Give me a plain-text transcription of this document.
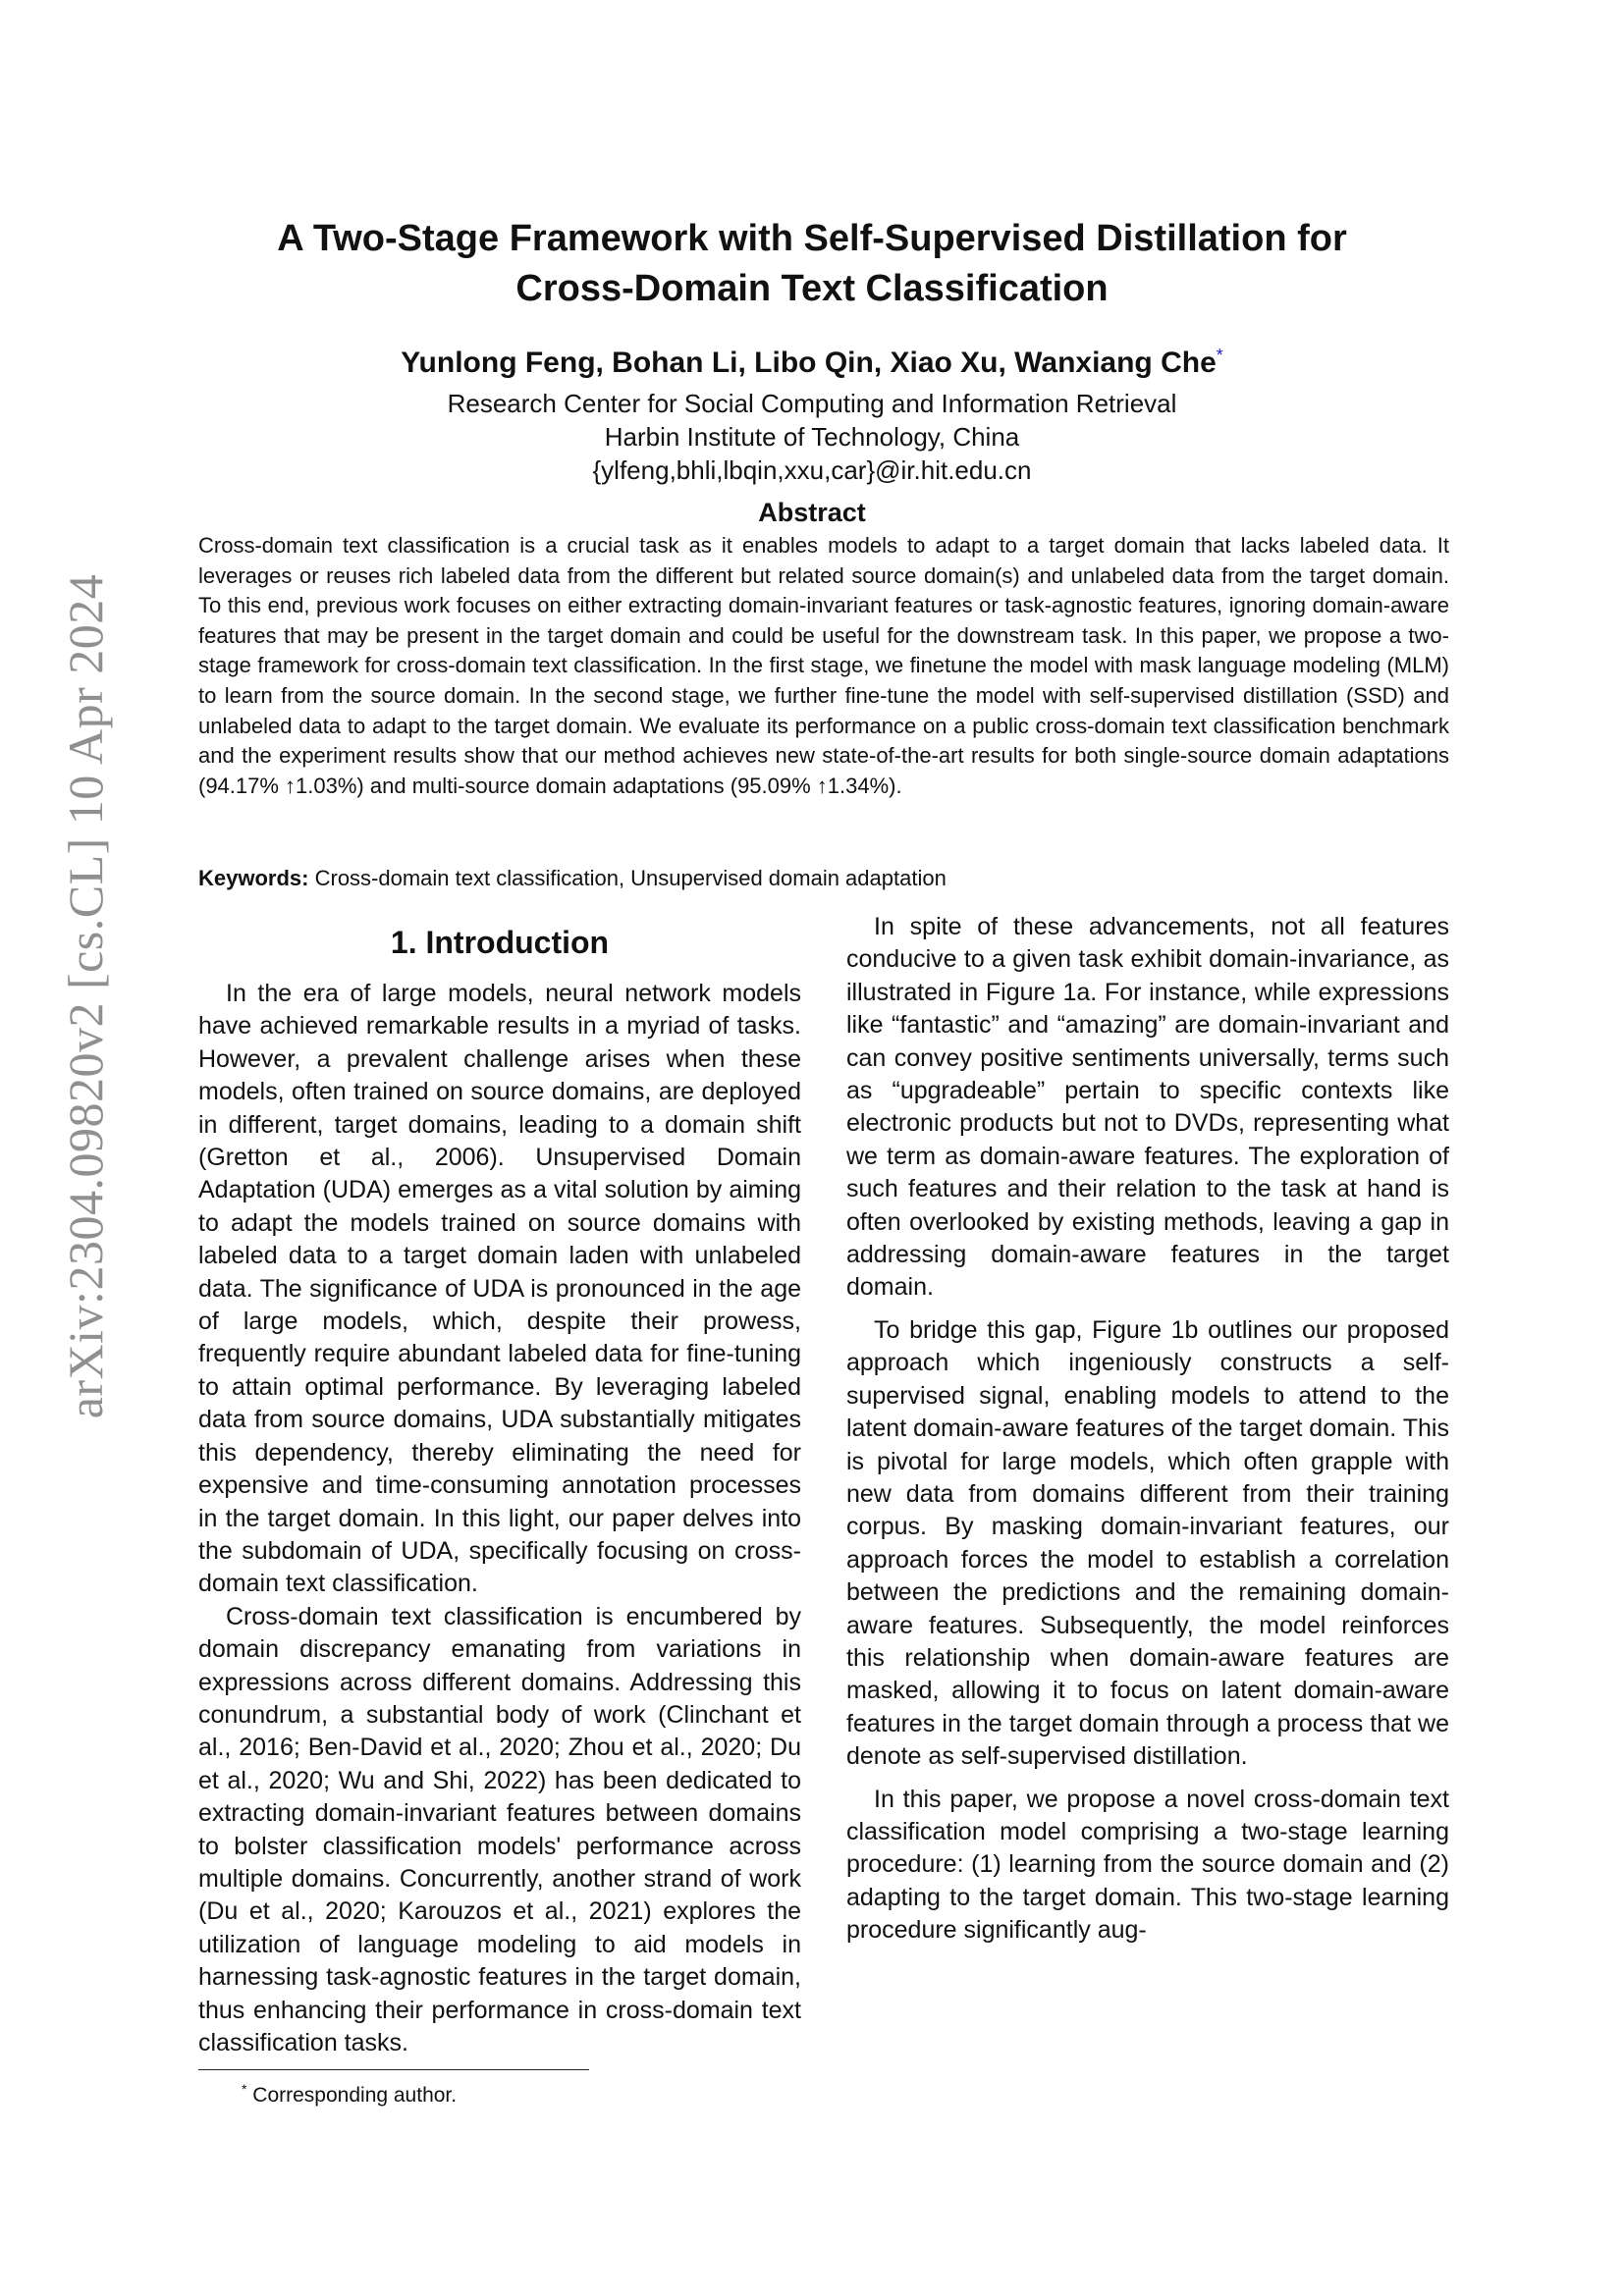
arXiv:2304.09820v2 [cs.CL] 10 Apr 2024
A Two-Stage Framework with Self-Supervised Distillation for
Cross-Domain Text Classification
Yunlong Feng, Bohan Li, Libo Qin, Xiao Xu, Wanxiang Che*
Research Center for Social Computing and Information Retrieval
Harbin Institute of Technology, China
{ylfeng,bhli,lbqin,xxu,car}@ir.hit.edu.cn
Abstract

Cross-domain text classification is a crucial task as it enables models to adapt to a target domain that lacks labeled data. It leverages or reuses rich labeled data from the different but related source domain(s) and unlabeled data from the target domain. To this end, previous work focuses on either extracting domain-invariant features or task-agnostic features, ignoring domain-aware features that may be present in the target domain and could be useful for the downstream task. In this paper, we propose a two-stage framework for cross-domain text classification. In the first stage, we finetune the model with mask language modeling (MLM) to learn from the source domain. In the second stage, we further fine-tune the model with self-supervised distillation (SSD) and unlabeled data to adapt to the target domain. We evaluate its performance on a public cross-domain text classification benchmark and the experiment results show that our method achieves new state-of-the-art results for both single-source domain adaptations (94.17% ↑1.03%) and multi-source domain adaptations (95.09% ↑1.34%).

Keywords: Cross-domain text classification, Unsupervised domain adaptation
1. Introduction

In the era of large models, neural network models have achieved remarkable results in a myriad of tasks. However, a prevalent challenge arises when these models, often trained on source domains, are deployed in different, target domains, leading to a domain shift (Gretton et al., 2006). Unsupervised Domain Adaptation (UDA) emerges as a vital solution by aiming to adapt the models trained on source domains with labeled data to a target domain laden with unlabeled data. The significance of UDA is pronounced in the age of large models, which, despite their prowess, frequently require abundant labeled data for fine-tuning to attain optimal performance. By leveraging labeled data from source domains, UDA substantially mitigates this dependency, thereby eliminating the need for expensive and time-consuming annotation processes in the target domain. In this light, our paper delves into the subdomain of UDA, specifically focusing on cross-domain text classification.

Cross-domain text classification is encumbered by domain discrepancy emanating from variations in expressions across different domains. Addressing this conundrum, a substantial body of work (Clinchant et al., 2016; Ben-David et al., 2020; Zhou et al., 2020; Du et al., 2020; Wu and Shi, 2022) has been dedicated to extracting domain-invariant features between domains to bolster classification models' performance across multiple domains. Concurrently, another strand of work (Du et al., 2020; Karouzos et al., 2021) explores the utilization of language modeling to aid models in harnessing task-agnostic features in the target domain, thus enhancing their performance in cross-domain text classification tasks.

In spite of these advancements, not all features conducive to a given task exhibit domain-invariance, as illustrated in Figure 1a. For instance, while expressions like “fantastic” and “amazing” are domain-invariant and can convey positive sentiments universally, terms such as “upgradeable” pertain to specific contexts like electronic products but not to DVDs, representing what we term as domain-aware features. The exploration of such features and their relation to the task at hand is often overlooked by existing methods, leaving a gap in addressing domain-aware features in the target domain.

To bridge this gap, Figure 1b outlines our proposed approach which ingeniously constructs a self-supervised signal, enabling models to attend to the latent domain-aware features of the target domain. This is pivotal for large models, which often grapple with new data from domains different from their training corpus. By masking domain-invariant features, our approach forces the model to establish a correlation between the predictions and the remaining domain-aware features. Subsequently, the model reinforces this relationship when domain-aware features are masked, allowing it to focus on latent domain-aware features in the target domain through a process that we denote as self-supervised distillation.

In this paper, we propose a novel cross-domain text classification model comprising a two-stage learning procedure: (1) learning from the source domain and (2) adapting to the target domain. This two-stage learning procedure significantly aug-

* Corresponding author.
